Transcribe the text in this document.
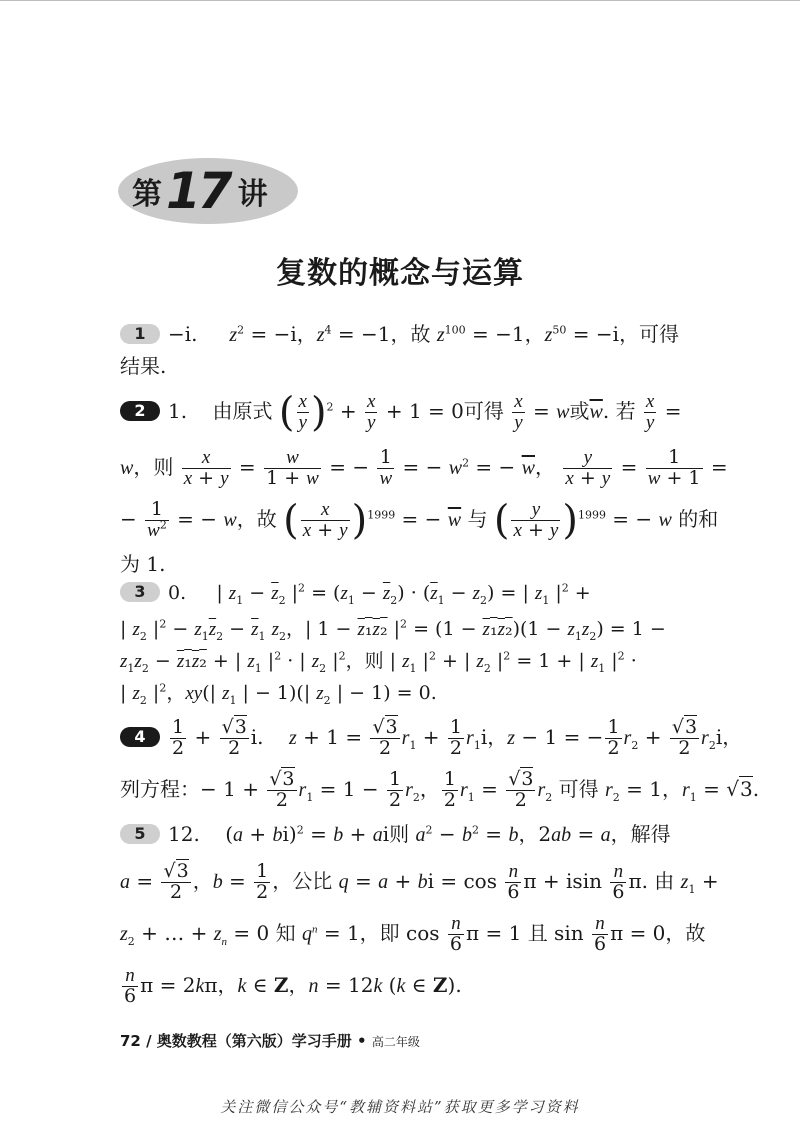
第 17 讲
复数的概念与运算
1 −i. $z^2 = -i$，$z^4 = -1$，故 $z^{100} = -1$，$z^{50} = -i$，可得
结果.
2 1. 由原式 ( $\frac{x}{y} )^2 + \frac{x}{y} + 1 = 0$可得 $\frac{x}{y} = w$或$\overline{w}$. 若 $\frac{x}{y}$ =
w，则 $\frac{x}{x + y} = \frac{w}{1 + w}$ = − $\frac{1}{w}$ = − $w^2$ = − $\overline{w}$， $\frac{y}{x + y} = \frac{1}{w + 1}$ =
− $\frac{1}{w^2}$ = − w，故 ( $\frac{x}{x + y} )^{1999}$ = − $\overline{w}$ 与 ( $\frac{y}{x + y} )^{1999}$ = − w 的和
为 1.
3 0.     | $z_1 - \overline{z}_2$ $|^2 = (z_1 - \overline{z}_2) \cdot (\overline{z}_1 - z_2)$ = | $z_1$ $|^2$ +
| $z_2$ $|^2 - z_1\overline{z}_2 - \overline{z}_1$ $z_2$，| 1 − z₁z₂ $|^2 = (1 - z_1z_2)(1 - z_1z_2) = 1$ −
$z_1z_2 - z_1z_2$ + | $z_1$ $|^2$ · | $z_2$ $|^2$，则 | $z_1$ $|^2$ + | $z_2$ $|^2 = 1$ + | $z_1$ $|^2$ ·
| $z_2$ $|^2$，xy(| $z_1$ | − 1)(| $z_2$ | − 1) = 0.
$4 \frac{1}{2} + \frac{√3}{2} i$.    $z + 1 = \frac{√3}{2} r_1 + \frac{1}{2} r_1i$，z − 1 = − $\frac{1}{2} r_2 + \frac{√3}{2} r_2i$，
列方程：− $1 + \frac{√3}{2} r_1 = 1 - \frac{1}{2} r_2$， $\frac{1}{2} r_1 = \frac{√3}{2} r_2$ 可得 $r_2 = 1$，$r_1 = √3$.
5 12.    (a + bi)$^2$ = b + ai则 $a^2 - b^2 = b$，2ab = a，解得
$a = \frac{√3}{2}$ ，$b = \frac{1}{2}$ ，公比 q = a + bi = $\cos \frac{n}{6}$ π + isin $\frac{n}{6} \pi$. 由 $z_1$ +
$z_2$ + … + $z_n = 0$ 知 $q^n = 1$，即 $\cos \frac{n}{6}$ π = 1 且 $\sin \frac{n}{6}$ π = 0，故
$\frac{n}{6}$ π = 2kπ，k ∈ Z，n = 12k (k ∈ Z).
72 / 奥数教程（第六版）学习手册 • 高二年级
关注微信公众号“教辅资料站”获取更多学习资料
